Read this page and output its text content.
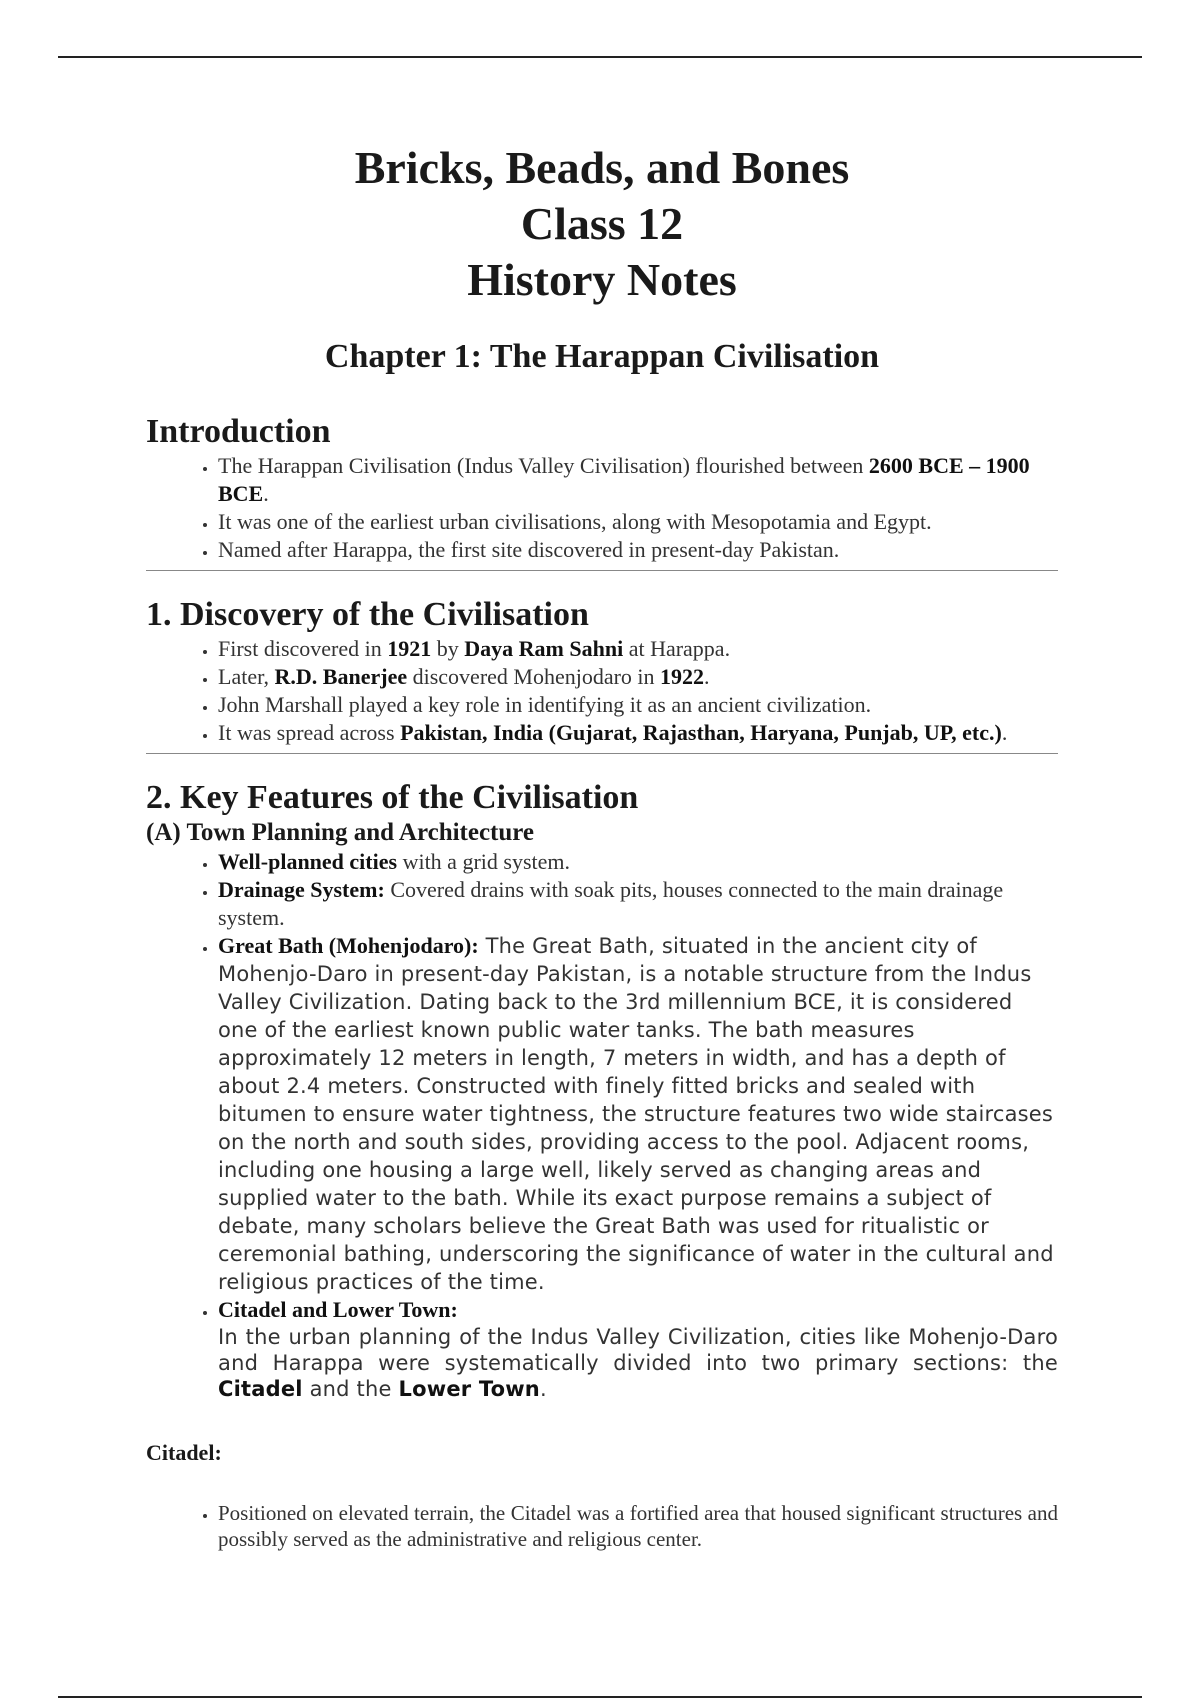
Bricks, Beads, and Bones
Class 12
History Notes
Chapter 1: The Harappan Civilisation
Introduction
• The Harappan Civilisation (Indus Valley Civilisation) flourished between 2600 BCE – 1900 BCE.
• It was one of the earliest urban civilisations, along with Mesopotamia and Egypt.
• Named after Harappa, the first site discovered in present-day Pakistan.
1. Discovery of the Civilisation
• First discovered in 1921 by Daya Ram Sahni at Harappa.
• Later, R.D. Banerjee discovered Mohenjodaro in 1922.
• John Marshall played a key role in identifying it as an ancient civilization.
• It was spread across Pakistan, India (Gujarat, Rajasthan, Haryana, Punjab, UP, etc.).
2. Key Features of the Civilisation
(A) Town Planning and Architecture
• Well-planned cities with a grid system.
• Drainage System: Covered drains with soak pits, houses connected to the main drainage system.
• Great Bath (Mohenjodaro): The Great Bath, situated in the ancient city of Mohenjo-Daro in present-day Pakistan, is a notable structure from the Indus Valley Civilization. Dating back to the 3rd millennium BCE, it is considered one of the earliest known public water tanks. The bath measures approximately 12 meters in length, 7 meters in width, and has a depth of about 2.4 meters. Constructed with finely fitted bricks and sealed with bitumen to ensure water tightness, the structure features two wide staircases on the north and south sides, providing access to the pool. Adjacent rooms, including one housing a large well, likely served as changing areas and supplied water to the bath. While its exact purpose remains a subject of debate, many scholars believe the Great Bath was used for ritualistic or ceremonial bathing, underscoring the significance of water in the cultural and religious practices of the time.
• Citadel and Lower Town:
In the urban planning of the Indus Valley Civilization, cities like Mohenjo-Daro and Harappa were systematically divided into two primary sections: the Citadel and the Lower Town.
Citadel:
• Positioned on elevated terrain, the Citadel was a fortified area that housed significant structures and possibly served as the administrative and religious center.
